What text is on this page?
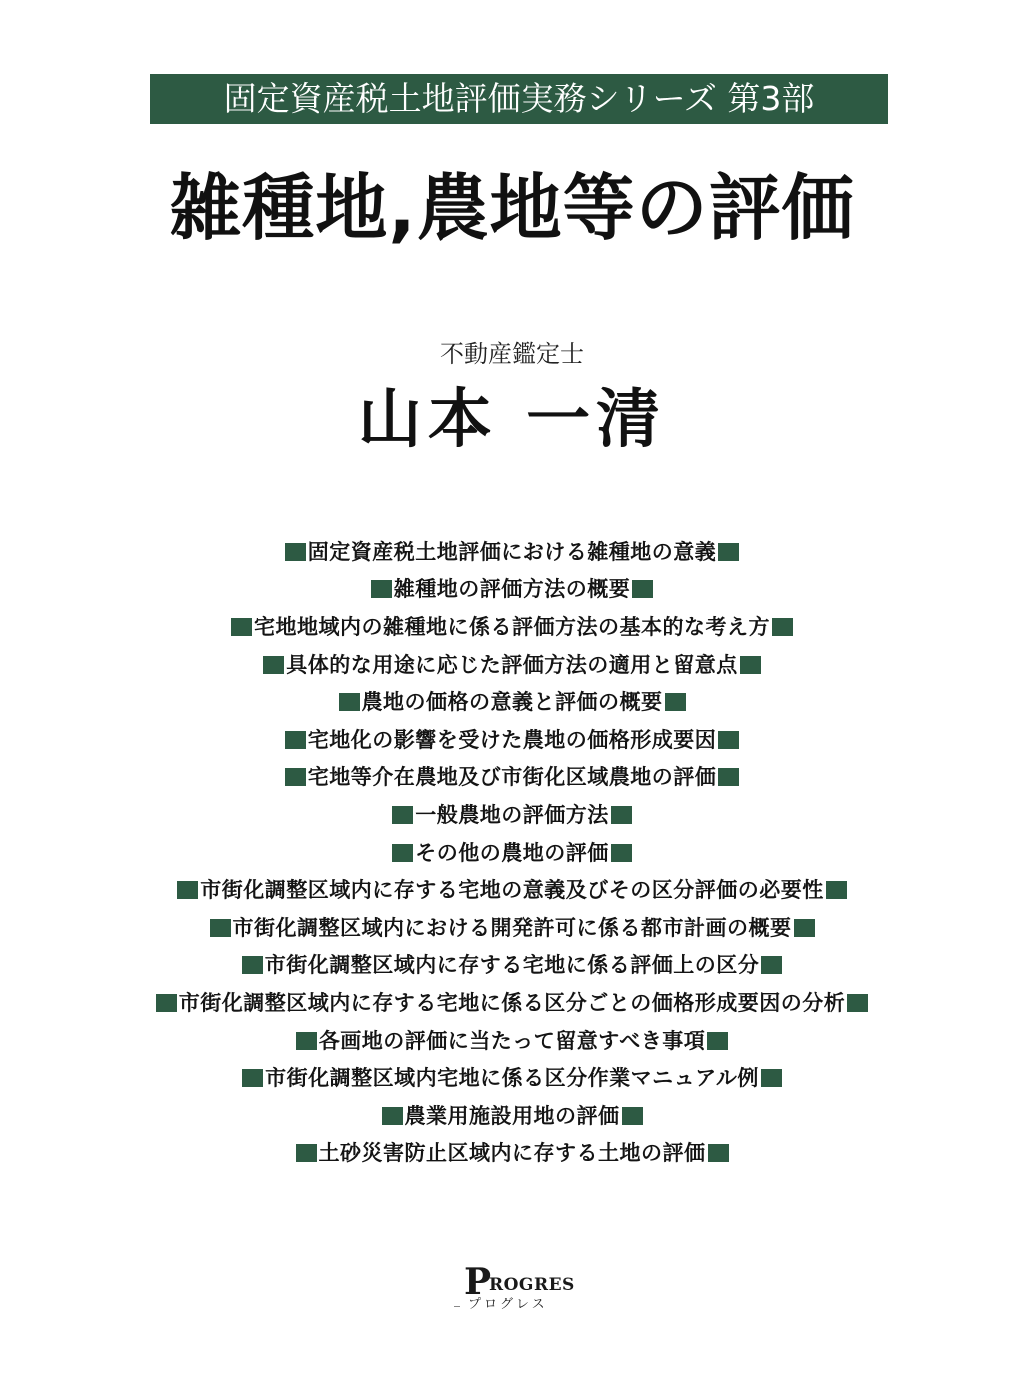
固定資産税土地評価実務シリーズ 第3部
雑種地,農地等の評価
不動産鑑定士
山本 一清
固定資産税土地評価における雑種地の意義
雑種地の評価方法の概要
宅地地域内の雑種地に係る評価方法の基本的な考え方
具体的な用途に応じた評価方法の適用と留意点
農地の価格の意義と評価の概要
宅地化の影響を受けた農地の価格形成要因
宅地等介在農地及び市街化区域農地の評価
一般農地の評価方法
その他の農地の評価
市街化調整区域内に存する宅地の意義及びその区分評価の必要性
市街化調整区域内における開発許可に係る都市計画の概要
市街化調整区域内に存する宅地に係る評価上の区分
市街化調整区域内に存する宅地に係る区分ごとの価格形成要因の分析
各画地の評価に当たって留意すべき事項
市街化調整区域内宅地に係る区分作業マニュアル例
農業用施設用地の評価
土砂災害防止区域内に存する土地の評価
P
ROGRES
プログレス
